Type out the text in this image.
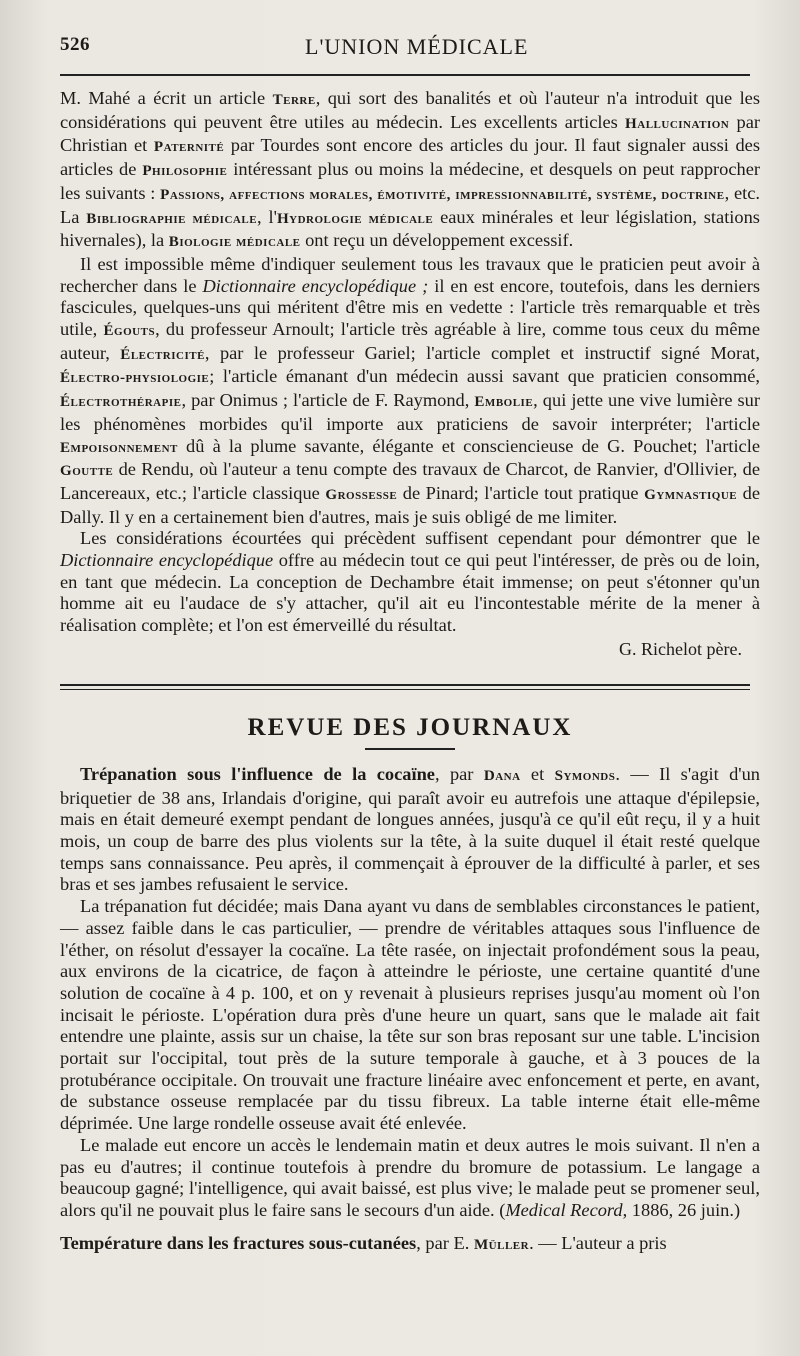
526	L'UNION MÉDICALE

M. Mahé a écrit un article Terre, qui sort des banalités et où l'auteur n'a introduit que les considérations qui peuvent être utiles au médecin. Les excellents articles Hallucination par Christian et Paternité par Tourdes sont encore des articles du jour. Il faut signaler aussi des articles de Philosophie intéressant plus ou moins la médecine, et desquels on peut rapprocher les suivants : Passions, affections morales, émotivité, impressionnabilité, système, doctrine, etc. La Bibliographie médicale, l'Hydrologie médicale eaux minérales et leur législation, stations hivernales), la Biologie médicale ont reçu un développement excessif.

Il est impossible même d'indiquer seulement tous les travaux que le praticien peut avoir à rechercher dans le Dictionnaire encyclopédique ; il en est encore, toutefois, dans les derniers fascicules, quelques-uns qui méritent d'être mis en vedette : l'article très remarquable et très utile, Égouts, du professeur Arnoult; l'article très agréable à lire, comme tous ceux du même auteur, Électricité, par le professeur Gariel; l'article complet et instructif signé Morat, Électro-physiologie; l'article émanant d'un médecin aussi savant que praticien consommé, Électrothérapie, par Onimus ; l'article de F. Raymond, Embolie, qui jette une vive lumière sur les phénomènes morbides qu'il importe aux praticiens de savoir interpréter; l'article Empoisonnement dû à la plume savante, élégante et consciencieuse de G. Pouchet; l'article Goutte de Rendu, où l'auteur a tenu compte des travaux de Charcot, de Ranvier, d'Ollivier, de Lancereaux, etc.; l'article classique Grossesse de Pinard; l'article tout pratique Gymnastique de Dally. Il y en a certainement bien d'autres, mais je suis obligé de me limiter.

Les considérations écourtées qui précèdent suffisent cependant pour démontrer que le Dictionnaire encyclopédique offre au médecin tout ce qui peut l'intéresser, de près ou de loin, en tant que médecin. La conception de Dechambre était immense; on peut s'étonner qu'un homme ait eu l'audace de s'y attacher, qu'il ait eu l'incontestable mérite de la mener à réalisation complète; et l'on est émerveillé du résultat.

G. Richelot père.
REVUE DES JOURNAUX

Trépanation sous l'influence de la cocaïne, par Dana et Symonds. — Il s'agit d'un briquetier de 38 ans, Irlandais d'origine, qui paraît avoir eu autrefois une attaque d'épilepsie, mais en était demeuré exempt pendant de longues années, jusqu'à ce qu'il eût reçu, il y a huit mois, un coup de barre des plus violents sur la tête, à la suite duquel il était resté quelque temps sans connaissance. Peu après, il commençait à éprouver de la difficulté à parler, et ses bras et ses jambes refusaient le service.

La trépanation fut décidée; mais Dana ayant vu dans de semblables circonstances le patient, — assez faible dans le cas particulier, — prendre de véritables attaques sous l'influence de l'éther, on résolut d'essayer la cocaïne. La tête rasée, on injectait profondément sous la peau, aux environs de la cicatrice, de façon à atteindre le périoste, une certaine quantité d'une solution de cocaïne à 4 p. 100, et on y revenait à plusieurs reprises jusqu'au moment où l'on incisait le périoste. L'opération dura près d'une heure un quart, sans que le malade ait fait entendre une plainte, assis sur un chaise, la tête sur son bras reposant sur une table. L'incision portait sur l'occipital, tout près de la suture temporale à gauche, et à 3 pouces de la protubérance occipitale. On trouvait une fracture linéaire avec enfoncement et perte, en avant, de substance osseuse remplacée par du tissu fibreux. La table interne était elle-même déprimée. Une large rondelle osseuse avait été enlevée.

Le malade eut encore un accès le lendemain matin et deux autres le mois suivant. Il n'en a pas eu d'autres; il continue toutefois à prendre du bromure de potassium. Le langage a beaucoup gagné; l'intelligence, qui avait baissé, est plus vive; le malade peut se promener seul, alors qu'il ne pouvait plus le faire sans le secours d'un aide. (Medical Record, 1886, 26 juin.)

Température dans les fractures sous-cutanées, par E. Müller. — L'auteur a pris
